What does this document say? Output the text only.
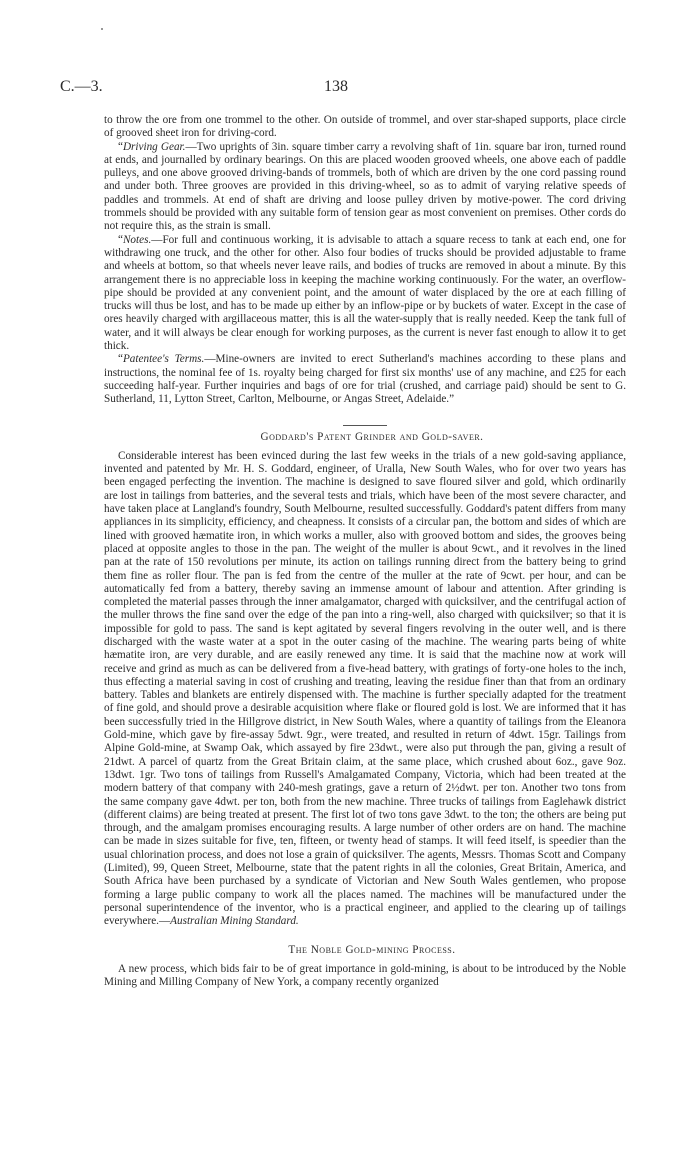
C.—3.	138

to throw the ore from one trommel to the other. On outside of trommel, and over star-shaped supports, place circle of grooved sheet iron for driving-cord.

“Driving Gear.—Two uprights of 3in. square timber carry a revolving shaft of 1in. square bar iron, turned round at ends, and journalled by ordinary bearings. On this are placed wooden grooved wheels, one above each of paddle pulleys, and one above grooved driving-bands of trommels, both of which are driven by the one cord passing round and under both. Three grooves are provided in this driving-wheel, so as to admit of varying relative speeds of paddles and trommels. At end of shaft are driving and loose pulley driven by motive-power. The cord driving trommels should be provided with any suitable form of tension gear as most convenient on premises. Other cords do not require this, as the strain is small.

“Notes.—For full and continuous working, it is advisable to attach a square recess to tank at each end, one for withdrawing one truck, and the other for other. Also four bodies of trucks should be provided adjustable to frame and wheels at bottom, so that wheels never leave rails, and bodies of trucks are removed in about a minute. By this arrangement there is no appreciable loss in keeping the machine working continuously. For the water, an overflow-pipe should be provided at any convenient point, and the amount of water displaced by the ore at each filling of trucks will thus be lost, and has to be made up either by an inflow-pipe or by buckets of water. Except in the case of ores heavily charged with argillaceous matter, this is all the water-supply that is really needed. Keep the tank full of water, and it will always be clear enough for working purposes, as the current is never fast enough to allow it to get thick.

“Patentee's Terms.—Mine-owners are invited to erect Sutherland's machines according to these plans and instructions, the nominal fee of 1s. royalty being charged for first six months' use of any machine, and £25 for each succeeding half-year. Further inquiries and bags of ore for trial (crushed, and carriage paid) should be sent to G. Sutherland, 11, Lytton Street, Carlton, Melbourne, or Angas Street, Adelaide.”

Goddard's Patent Grinder and Gold-saver.

Considerable interest has been evinced during the last few weeks in the trials of a new gold-saving appliance, invented and patented by Mr. H. S. Goddard, engineer, of Uralla, New South Wales, who for over two years has been engaged perfecting the invention. The machine is designed to save floured silver and gold, which ordinarily are lost in tailings from batteries, and the several tests and trials, which have been of the most severe character, and have taken place at Langland's foundry, South Melbourne, resulted successfully. Goddard's patent differs from many appliances in its simplicity, efficiency, and cheapness. It consists of a circular pan, the bottom and sides of which are lined with grooved hæmatite iron, in which works a muller, also with grooved bottom and sides, the grooves being placed at opposite angles to those in the pan. The weight of the muller is about 9cwt., and it revolves in the lined pan at the rate of 150 revolutions per minute, its action on tailings running direct from the battery being to grind them fine as roller flour. The pan is fed from the centre of the muller at the rate of 9cwt. per hour, and can be automatically fed from a battery, thereby saving an immense amount of labour and attention. After grinding is completed the material passes through the inner amalgamator, charged with quicksilver, and the centrifugal action of the muller throws the fine sand over the edge of the pan into a ring-well, also charged with quicksilver; so that it is impossible for gold to pass. The sand is kept agitated by several fingers revolving in the outer well, and is there discharged with the waste water at a spot in the outer casing of the machine. The wearing parts being of white hæmatite iron, are very durable, and are easily renewed any time. It is said that the machine now at work will receive and grind as much as can be delivered from a five-head battery, with gratings of forty-one holes to the inch, thus effecting a material saving in cost of crushing and treating, leaving the residue finer than that from an ordinary battery. Tables and blankets are entirely dispensed with. The machine is further specially adapted for the treatment of fine gold, and should prove a desirable acquisition where flake or floured gold is lost. We are informed that it has been successfully tried in the Hillgrove district, in New South Wales, where a quantity of tailings from the Eleanora Gold-mine, which gave by fire-assay 5dwt. 9gr., were treated, and resulted in return of 4dwt. 15gr. Tailings from Alpine Gold-mine, at Swamp Oak, which assayed by fire 23dwt., were also put through the pan, giving a result of 21dwt. A parcel of quartz from the Great Britain claim, at the same place, which crushed about 6oz., gave 9oz. 13dwt. 1gr. Two tons of tailings from Russell's Amalgamated Company, Victoria, which had been treated at the modern battery of that company with 240-mesh gratings, gave a return of 2½dwt. per ton. Another two tons from the same company gave 4dwt. per ton, both from the new machine. Three trucks of tailings from Eaglehawk district (different claims) are being treated at present. The first lot of two tons gave 3dwt. to the ton; the others are being put through, and the amalgam promises encouraging results. A large number of other orders are on hand. The machine can be made in sizes suitable for five, ten, fifteen, or twenty head of stamps. It will feed itself, is speedier than the usual chlorination process, and does not lose a grain of quicksilver. The agents, Messrs. Thomas Scott and Company (Limited), 99, Queen Street, Melbourne, state that the patent rights in all the colonies, Great Britain, America, and South Africa have been purchased by a syndicate of Victorian and New South Wales gentlemen, who propose forming a large public company to work all the places named. The machines will be manufactured under the personal superintendence of the inventor, who is a practical engineer, and applied to the clearing up of tailings everywhere.—Australian Mining Standard.

The Noble Gold-mining Process.

A new process, which bids fair to be of great importance in gold-mining, is about to be introduced by the Noble Mining and Milling Company of New York, a company recently organized
